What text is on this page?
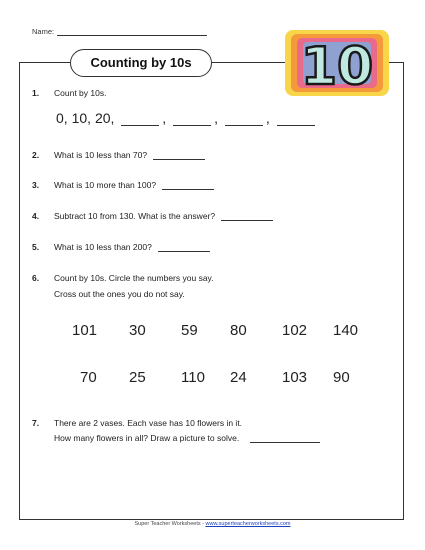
Name:
Counting by 10s	10
1. Count by 10s.
0, 10, 20,	,	,	,
2. What is 10 less than 70?
3. What is 10 more than 100?
4. Subtract 10 from 130. What is the answer?
5. What is 10 less than 200?
6. Count by 10s. Circle the numbers you say.
Cross out the ones you do not say.
101 30 59 80 102 140
70 25 110 24 103 90
7. There are 2 vases. Each vase has 10 flowers in it.
How many flowers in all? Draw a picture to solve.
Super Teacher Worksheets - www.superteacherworksheets.com
